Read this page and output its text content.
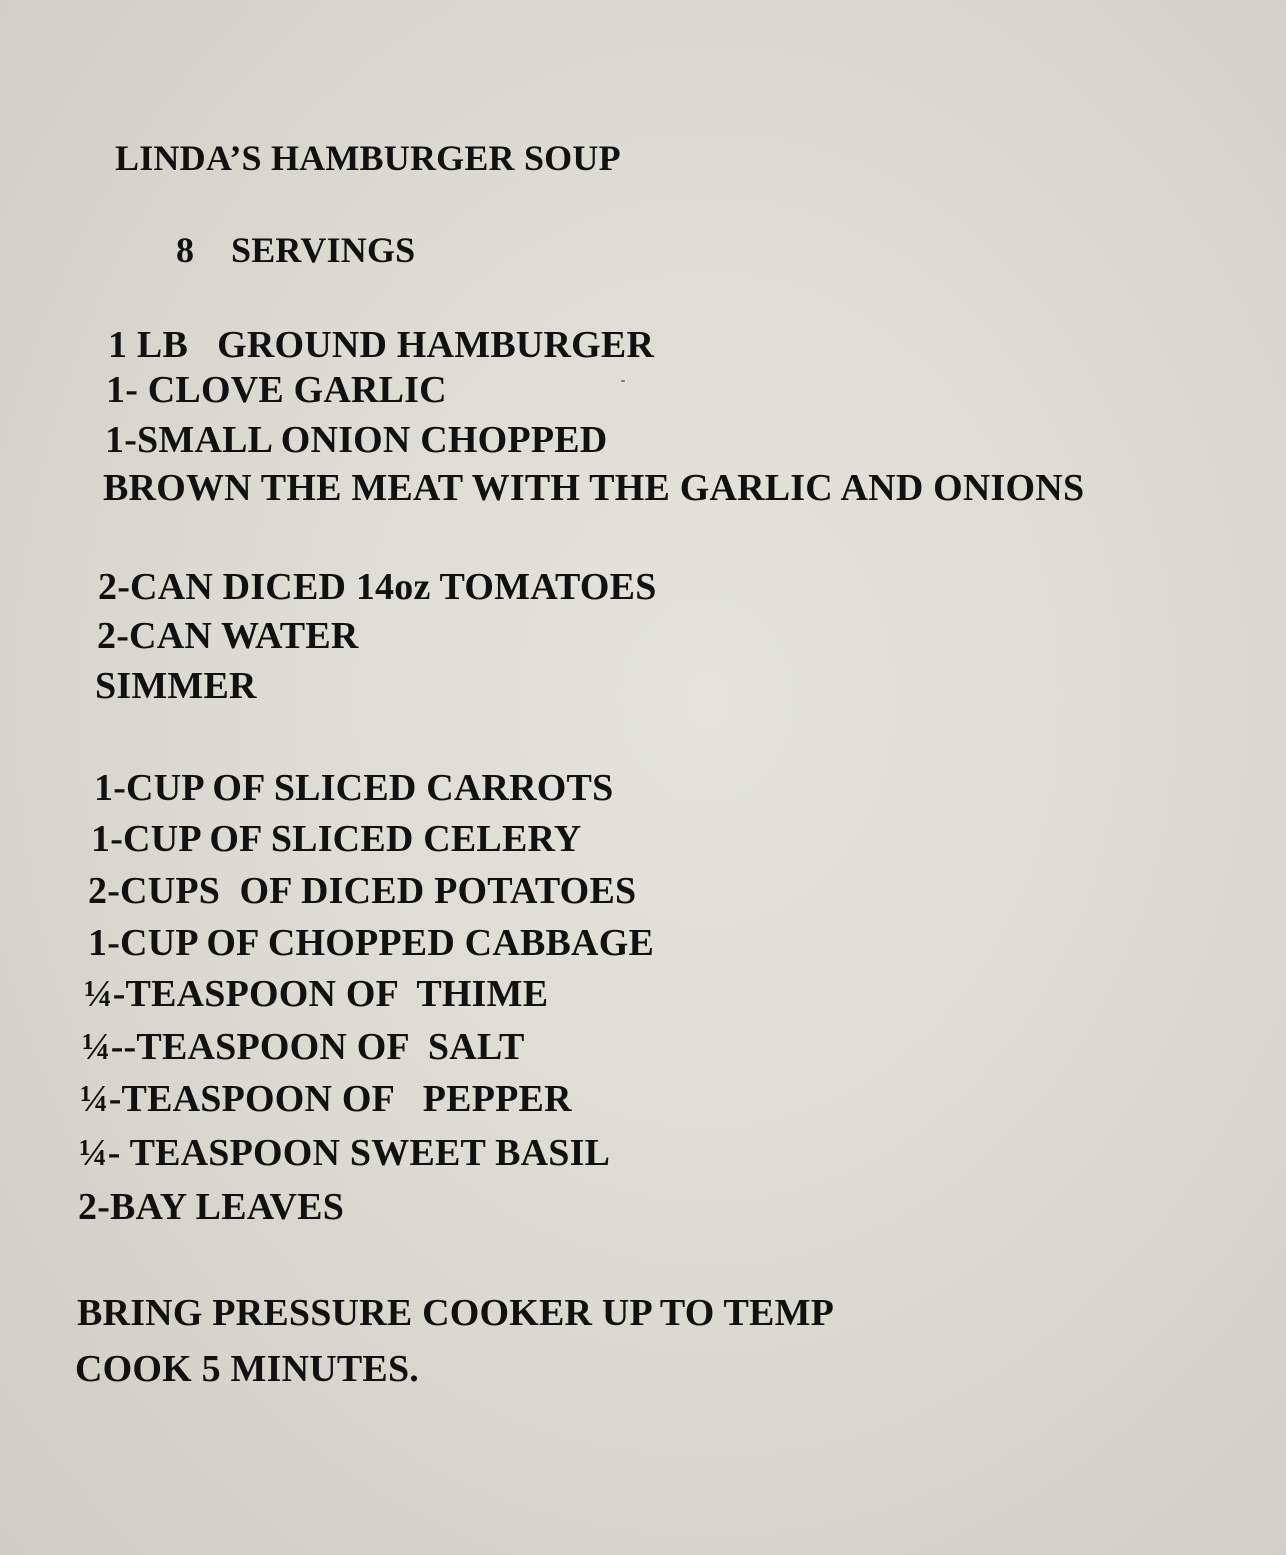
LINDA’S HAMBURGER SOUP

8    SERVINGS

1 LB   GROUND HAMBURGER

1- CLOVE GARLIC

1-SMALL ONION CHOPPED

BROWN THE MEAT WITH THE GARLIC AND ONIONS

2-CAN DICED 14oz TOMATOES

2-CAN WATER

SIMMER

1-CUP OF SLICED CARROTS

1-CUP OF SLICED CELERY

2-CUPS  OF DICED POTATOES

1-CUP OF CHOPPED CABBAGE

¼-TEASPOON OF  THIME

¼--TEASPOON OF  SALT

¼-TEASPOON OF   PEPPER

¼- TEASPOON SWEET BASIL

2-BAY LEAVES

BRING PRESSURE COOKER UP TO TEMP

COOK 5 MINUTES.
